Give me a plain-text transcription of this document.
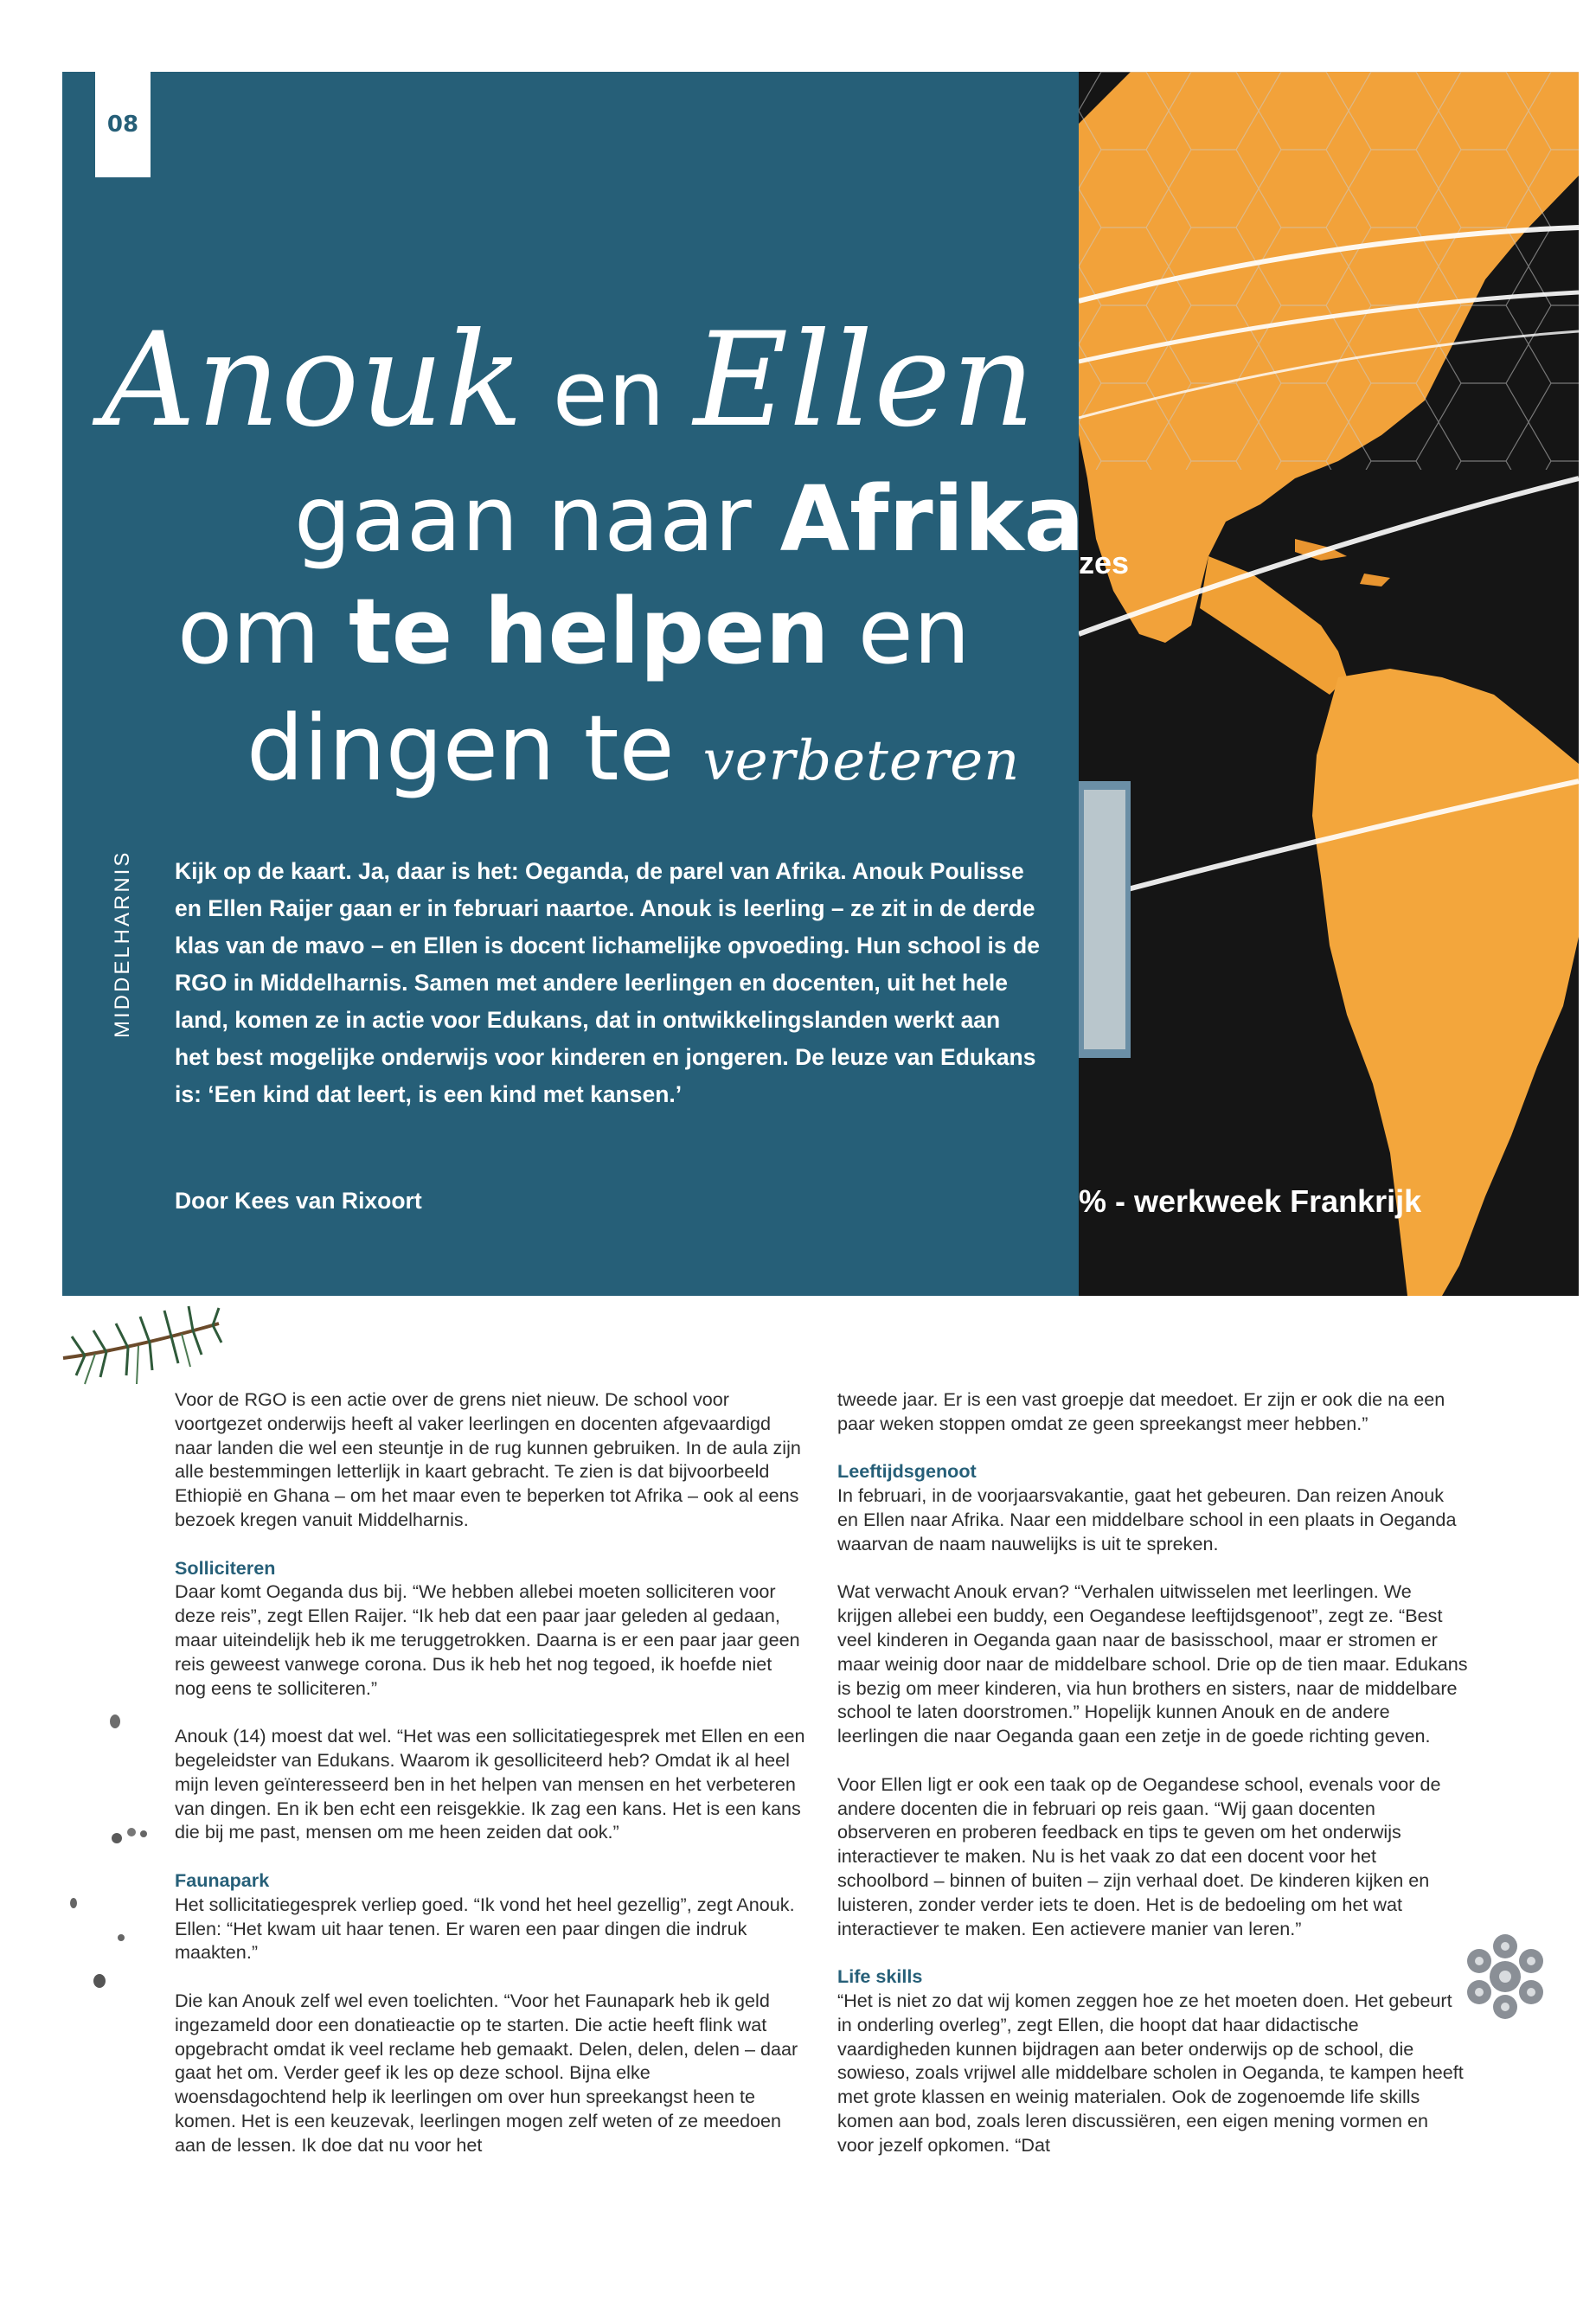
08
zes
% - werkweek Frankrijk
Anouk en Ellen
gaan naar Afrika
om te helpen en
dingen te verbeteren
MIDDELHARNIS Kijk op de kaart. Ja, daar is het: Oeganda, de parel van Afrika. Anouk Poulisse en Ellen Raijer gaan er in februari naartoe. Anouk is leerling – ze zit in de derde klas van de mavo – en Ellen is docent lichamelijke opvoeding. Hun school is de RGO in Middelharnis. Samen met andere leerlingen en docenten, uit het hele land, komen ze in actie voor Edukans, dat in ontwikkelingslanden werkt aan het best mogelijke onderwijs voor kinderen en jongeren. De leuze van Edukans is: ‘Een kind dat leert, is een kind met kansen.’

Door Kees van Rixoort

Voor de RGO is een actie over de grens niet nieuw. De school voor voortgezet onderwijs heeft al vaker leerlingen en docenten afgevaardigd naar landen die wel een steuntje in de rug kunnen gebruiken. In de aula zijn alle bestemmingen letterlijk in kaart gebracht. Te zien is dat bijvoorbeeld Ethiopië en Ghana – om het maar even te beperken tot Afrika – ook al eens bezoek kregen vanuit Middelharnis.

Solliciteren

Daar komt Oeganda dus bij. “We hebben allebei moeten solliciteren voor deze reis”, zegt Ellen Raijer. “Ik heb dat een paar jaar geleden al gedaan, maar uiteindelijk heb ik me teruggetrokken. Daarna is er een paar jaar geen reis geweest vanwege corona. Dus ik heb het nog tegoed, ik hoefde niet nog eens te solliciteren.”

Anouk (14) moest dat wel. “Het was een sollicitatiegesprek met Ellen en een begeleidster van Edukans. Waarom ik gesolliciteerd heb? Omdat ik al heel mijn leven geïnteresseerd ben in het helpen van mensen en het verbeteren van dingen. En ik ben echt een reisgekkie. Ik zag een kans. Het is een kans die bij me past, mensen om me heen zeiden dat ook.”

Faunapark

Het sollicitatiegesprek verliep goed. “Ik vond het heel gezellig”, zegt Anouk. Ellen: “Het kwam uit haar tenen. Er waren een paar dingen die indruk maakten.”

Die kan Anouk zelf wel even toelichten. “Voor het Faunapark heb ik geld ingezameld door een donatieactie op te starten. Die actie heeft flink wat opgebracht omdat ik veel reclame heb gemaakt. Delen, delen, delen – daar gaat het om. Verder geef ik les op deze school. Bijna elke woensdagochtend help ik leerlingen om over hun spreekangst heen te komen. Het is een keuzevak, leerlingen mogen zelf weten of ze meedoen aan de lessen. Ik doe dat nu voor het

tweede jaar. Er is een vast groepje dat meedoet. Er zijn er ook die na een paar weken stoppen omdat ze geen spreekangst meer hebben.”

Leeftijdsgenoot

In februari, in de voorjaarsvakantie, gaat het gebeuren. Dan reizen Anouk en Ellen naar Afrika. Naar een middelbare school in een plaats in Oeganda waarvan de naam nauwelijks is uit te spreken.

Wat verwacht Anouk ervan? “Verhalen uitwisselen met leerlingen. We krijgen allebei een buddy, een Oegandese leeftijdsgenoot”, zegt ze. “Best veel kinderen in Oeganda gaan naar de basisschool, maar er stromen er maar weinig door naar de middelbare school. Drie op de tien maar. Edukans is bezig om meer kinderen, via hun brothers en sisters, naar de middelbare school te laten doorstromen.” Hopelijk kunnen Anouk en de andere leerlingen die naar Oeganda gaan een zetje in de goede richting geven.

Voor Ellen ligt er ook een taak op de Oegandese school, evenals voor de andere docenten die in februari op reis gaan. “Wij gaan docenten observeren en proberen feedback en tips te geven om het onderwijs interactiever te maken. Nu is het vaak zo dat een docent voor het schoolbord – binnen of buiten – zijn verhaal doet. De kinderen kijken en luisteren, zonder verder iets te doen. Het is de bedoeling om het wat interactiever te maken. Een actievere manier van leren.”

Life skills

“Het is niet zo dat wij komen zeggen hoe ze het moeten doen. Het gebeurt in onderling overleg”, zegt Ellen, die hoopt dat haar didactische vaardigheden kunnen bijdragen aan beter onderwijs op de school, die sowieso, zoals vrijwel alle middelbare scholen in Oeganda, te kampen heeft met grote klassen en weinig materialen. Ook de zogenoemde life skills komen aan bod, zoals leren discussiëren, een eigen mening vormen en voor jezelf opkomen. “Dat
